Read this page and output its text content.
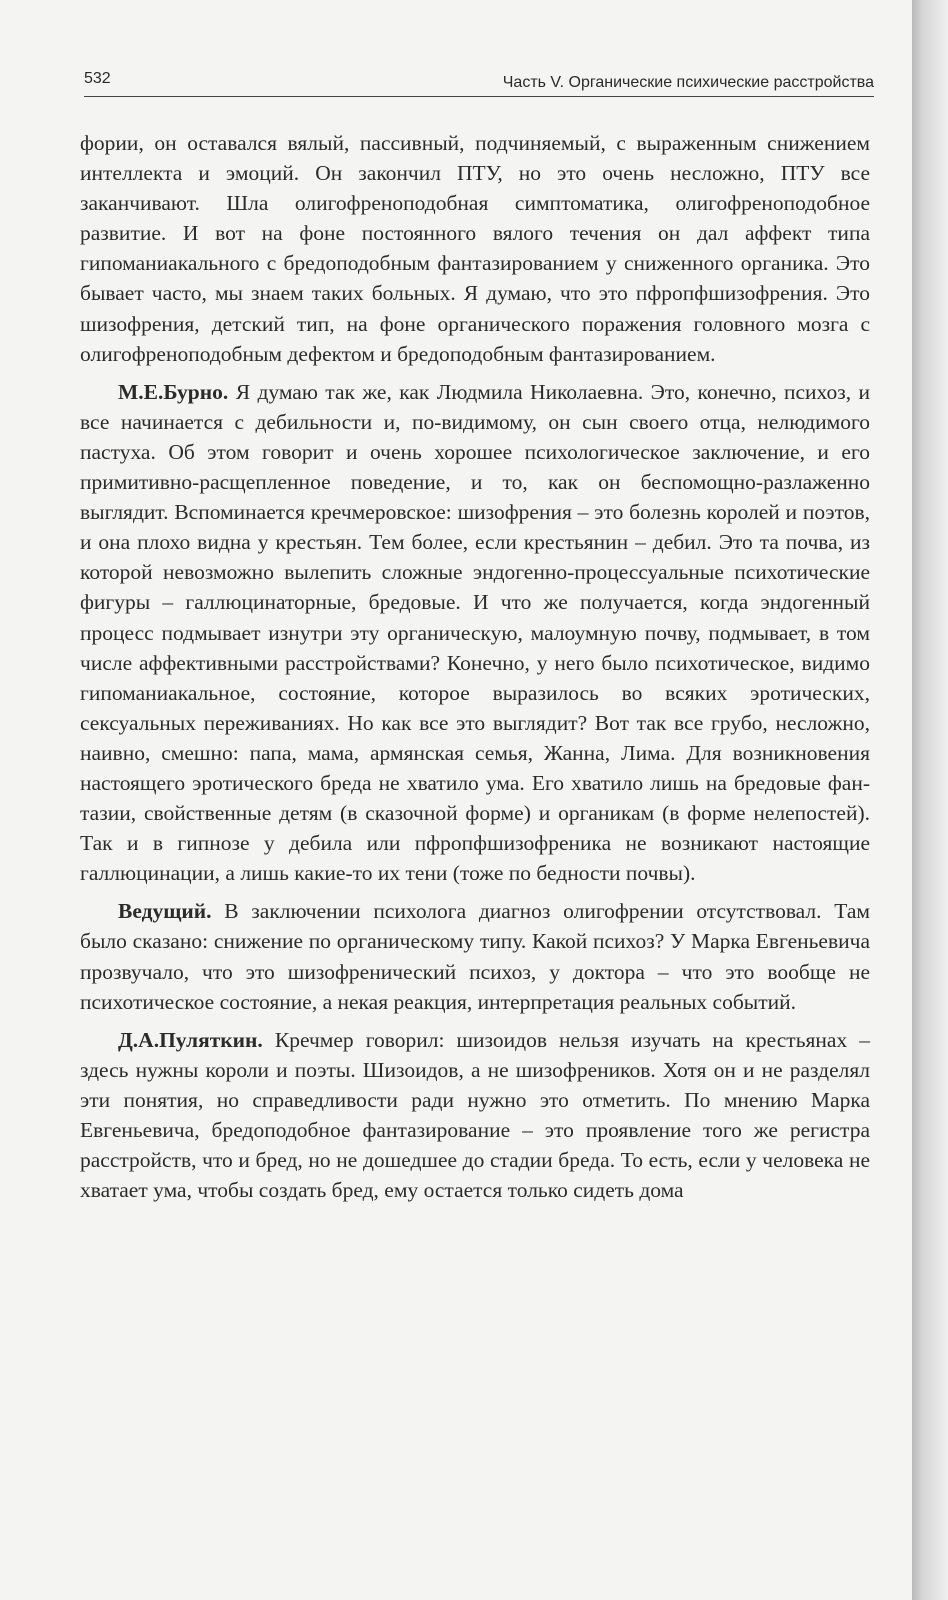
532	Часть V. Органические психические расстройства

фории, он оставался вялый, пассивный, подчиняемый, с выраженным снижением интеллекта и эмоций. Он закончил ПТУ, но это очень несложно, ПТУ все заканчивают. Шла олигофреноподобная симптоматика, олигофреноподобное развитие. И вот на фоне постоянного вялого течения он дал аффект типа гипоманиакального с бредоподобным фантазированием у сниженного органика. Это бывает часто, мы знаем таких больных. Я думаю, что это пфропфшизофрения. Это шизофрения, детский тип, на фоне органического поражения головного мозга с олигофреноподобным дефектом и бредоподобным фантазированием.

М.Е.Бурно. Я думаю так же, как Людмила Николаевна. Это, конечно, психоз, и все начинается с дебильности и, по-видимому, он сын своего отца, нелюдимого пастуха. Об этом говорит и очень хорошее психологическое заключение, и его примитивно-расщепленное поведение, и то, как он беспомощно-разлаженно выглядит. Вспоминается кречмеровское: шизофрения – это болезнь королей и поэтов, и она плохо видна у крестьян. Тем более, если крестьянин – дебил. Это та почва, из которой невозможно вылепить сложные эндогенно-процессуальные психотические фигуры – галлюцинаторные, бредовые. И что же получается, когда эндогенный процесс подмывает изнутри эту органическую, малоумную почву, подмывает, в том числе аффективными расстройствами? Конечно, у него было психотическое, видимо гипоманиакальное, состояние, которое выразилось во всяких эротических, сексуальных переживаниях. Но как все это выглядит? Вот так все грубо, несложно, наивно, смешно: папа, мама, армянская семья, Жанна, Лима. Для возникновения настоящего эротического бреда не хватило ума. Его хватило лишь на бредовые фантазии, свойственные детям (в сказочной форме) и органикам (в форме нелепостей). Так и в гипнозе у дебила или пфропфшизофреника не возникают настоящие галлюцинации, а лишь какие-то их тени (тоже по бедности почвы).

Ведущий. В заключении психолога диагноз олигофрении отсутствовал. Там было сказано: снижение по органическому типу. Какой психоз? У Марка Евгеньевича прозвучало, что это шизофренический психоз, у доктора – что это вообще не психотическое состояние, а некая реакция, интерпретация реальных событий.

Д.А.Пуляткин. Кречмер говорил: шизоидов нельзя изучать на крестьянах – здесь нужны короли и поэты. Шизоидов, а не шизофреников. Хотя он и не разделял эти понятия, но справедливости ради нужно это отметить. По мнению Марка Евгеньевича, бредоподобное фантазирование – это проявление того же регистра расстройств, что и бред, но не дошедшее до стадии бреда. То есть, если у человека не хватает ума, чтобы создать бред, ему остается только сидеть дома
